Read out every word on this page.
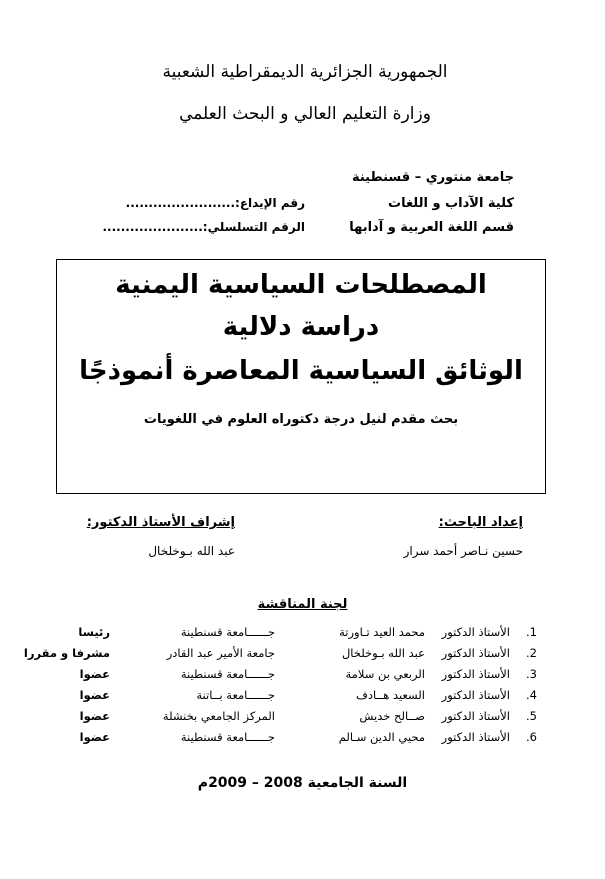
الجمهورية الجزائرية الديمقراطية الشعبية
وزارة التعليم العالي و البحث العلمي
جامعة منتوري – قسنطينة
كلية الآداب و اللغات
قسم اللغة العربية و آدابها
رقم الإيداع:........................
الرقم التسلسلي:......................
المصطلحات السياسية اليمنية
دراسة دلالية
الوثائق السياسية المعاصرة أنموذجًا
بحث مقدم لنيل درجة دكتوراه العلوم في اللغويات
إعداد الباحث:
إشراف الأستاذ الدكتور:
حسين نـاصر أحمد سرار
عبد الله بـوخلخال
لجنة المناقشة
1.
الأستاذ الدكتور
محمد العيد تـاورتة
جــــــامعة قسنطينة
رئيسا
2.
الأستاذ الدكتور
عبد الله بـوخلخال
جامعة الأمير عبد القادر
مشرفا و مقررا
3.
الأستاذ الدكتور
الربعي بن سلامة
جــــــامعة قسنطينة
عضوا
4.
الأستاذ الدكتور
السعيد هــادف
جــــــامعة بــاتنة
عضوا
5.
الأستاذ الدكتور
صــالح خديش
المركز الجامعي بخنشلة
عضوا
6.
الأستاذ الدكتور
محيي الدين سـالم
جــــــامعة قسنطينة
عضوا
السنة الجامعية 2008 – 2009م
